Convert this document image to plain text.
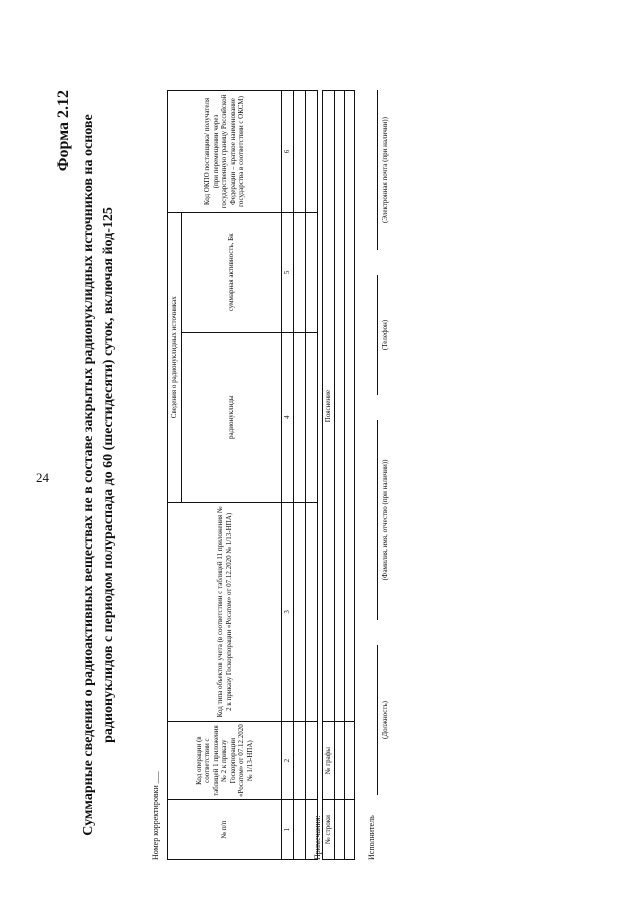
24
Форма 2.12 Суммарные сведения о радиоактивных веществах не в составе закрытых радионуклидных источников на основе радионуклидов с периодом полураспада до 60 (шестидесяти) суток, включая йод-125
Номер корректировки ___	№ п/п	Код операции (в соответствии с таблицей 1 приложения № 2 к приказу Госкорпорации «Росатом» от 07.12.2020 № 1/13-НПА)	Код типа объектов учета (в соответствии с таблицей 11 приложения № 2 к приказу Госкорпорации «Росатом» от 07.12.2020 № 1/13-НПА)	Сведения о радионуклидных источниках		Код ОКПО поставщика/ получателя (при перемещении через государственную границу Российской Федерации – краткое наименование государства в соответствии с ОКСМ)
			радионуклиды	суммарная активность, Бк	
1	2	3	4	5	6

Примечания: № строки	№ графы	Пояснение

Исполнитель
(Должность)
(Фамилия, имя, отчество (при наличии))
(Телефон)
(Электронная почта (при наличии))
